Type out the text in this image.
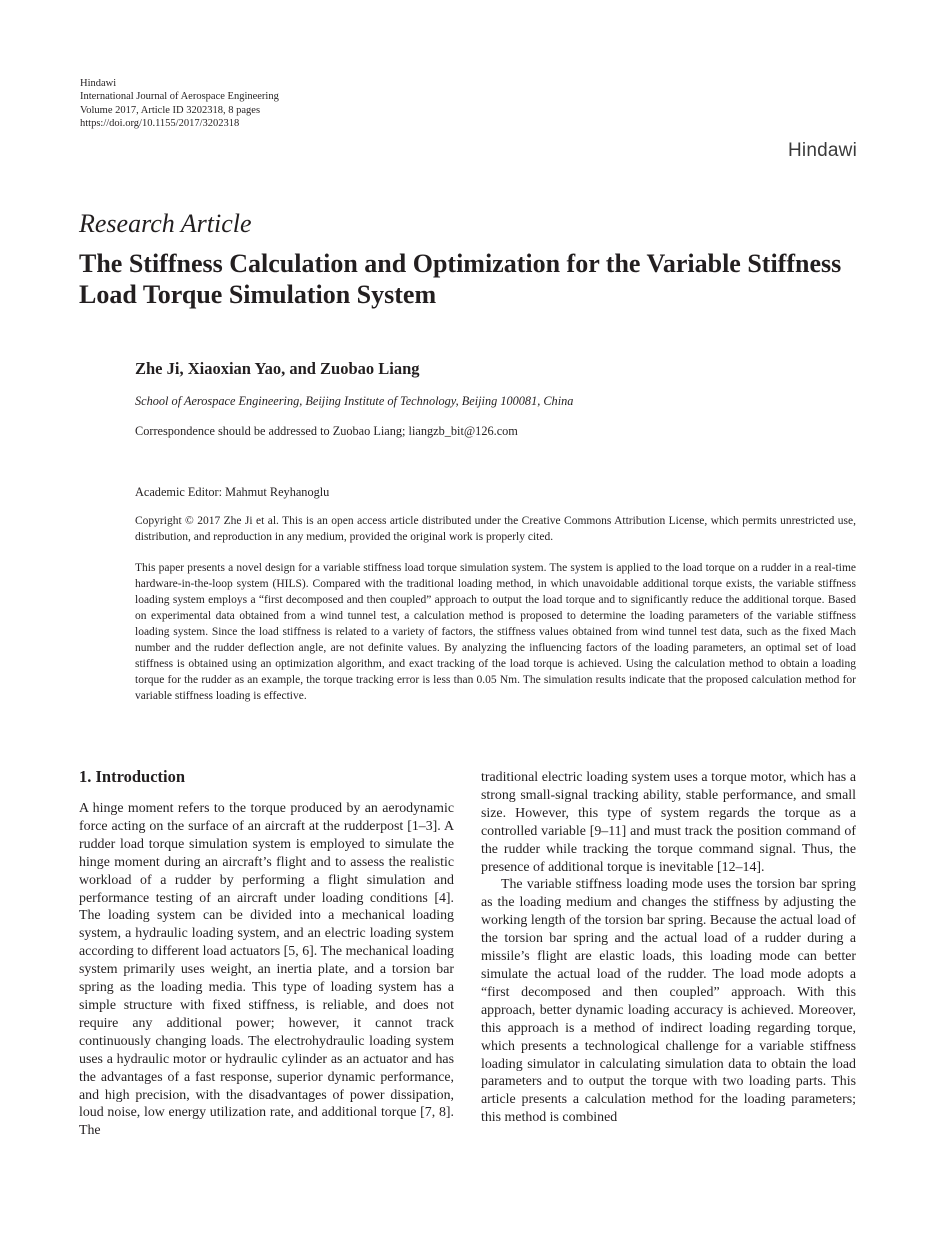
Hindawi
International Journal of Aerospace Engineering
Volume 2017, Article ID 3202318, 8 pages
https://doi.org/10.1155/2017/3202318
Hindawi
Research Article
The Stiffness Calculation and Optimization for the Variable Stiffness Load Torque Simulation System
Zhe Ji, Xiaoxian Yao, and Zuobao Liang
School of Aerospace Engineering, Beijing Institute of Technology, Beijing 100081, China
Correspondence should be addressed to Zuobao Liang; liangzb_bit@126.com
Academic Editor: Mahmut Reyhanoglu
Copyright © 2017 Zhe Ji et al. This is an open access article distributed under the Creative Commons Attribution License, which permits unrestricted use, distribution, and reproduction in any medium, provided the original work is properly cited.
This paper presents a novel design for a variable stiffness load torque simulation system. The system is applied to the load torque on a rudder in a real-time hardware-in-the-loop system (HILS). Compared with the traditional loading method, in which unavoidable additional torque exists, the variable stiffness loading system employs a “first decomposed and then coupled” approach to output the load torque and to significantly reduce the additional torque. Based on experimental data obtained from a wind tunnel test, a calculation method is proposed to determine the loading parameters of the variable stiffness loading system. Since the load stiffness is related to a variety of factors, the stiffness values obtained from wind tunnel test data, such as the fixed Mach number and the rudder deflection angle, are not definite values. By analyzing the influencing factors of the loading parameters, an optimal set of load stiffness is obtained using an optimization algorithm, and exact tracking of the load torque is achieved. Using the calculation method to obtain a loading torque for the rudder as an example, the torque tracking error is less than 0.05 Nm. The simulation results indicate that the proposed calculation method for variable stiffness loading is effective.
1. Introduction

A hinge moment refers to the torque produced by an aerodynamic force acting on the surface of an aircraft at the rudderpost [1–3]. A rudder load torque simulation system is employed to simulate the hinge moment during an aircraft’s flight and to assess the realistic workload of a rudder by performing a flight simulation and performance testing of an aircraft under loading conditions [4]. The loading system can be divided into a mechanical loading system, a hydraulic loading system, and an electric loading system according to different load actuators [5, 6]. The mechanical loading system primarily uses weight, an inertia plate, and a torsion bar spring as the loading media. This type of loading system has a simple structure with fixed stiffness, is reliable, and does not require any additional power; however, it cannot track continuously changing loads. The electrohydraulic loading system uses a hydraulic motor or hydraulic cylinder as an actuator and has the advantages of a fast response, superior dynamic performance, and high precision, with the disadvantages of power dissipation, loud noise, low energy utilization rate, and additional torque [7, 8]. The

traditional electric loading system uses a torque motor, which has a strong small-signal tracking ability, stable performance, and small size. However, this type of system regards the torque as a controlled variable [9–11] and must track the position command of the rudder while tracking the torque command signal. Thus, the presence of additional torque is inevitable [12–14].

The variable stiffness loading mode uses the torsion bar spring as the loading medium and changes the stiffness by adjusting the working length of the torsion bar spring. Because the actual load of the torsion bar spring and the actual load of a rudder during a missile’s flight are elastic loads, this loading mode can better simulate the actual load of the rudder. The load mode adopts a “first decomposed and then coupled” approach. With this approach, better dynamic loading accuracy is achieved. Moreover, this approach is a method of indirect loading regarding torque, which presents a technological challenge for a variable stiffness loading simulator in calculating simulation data to obtain the load parameters and to output the torque with two loading parts. This article presents a calculation method for the loading parameters; this method is combined
